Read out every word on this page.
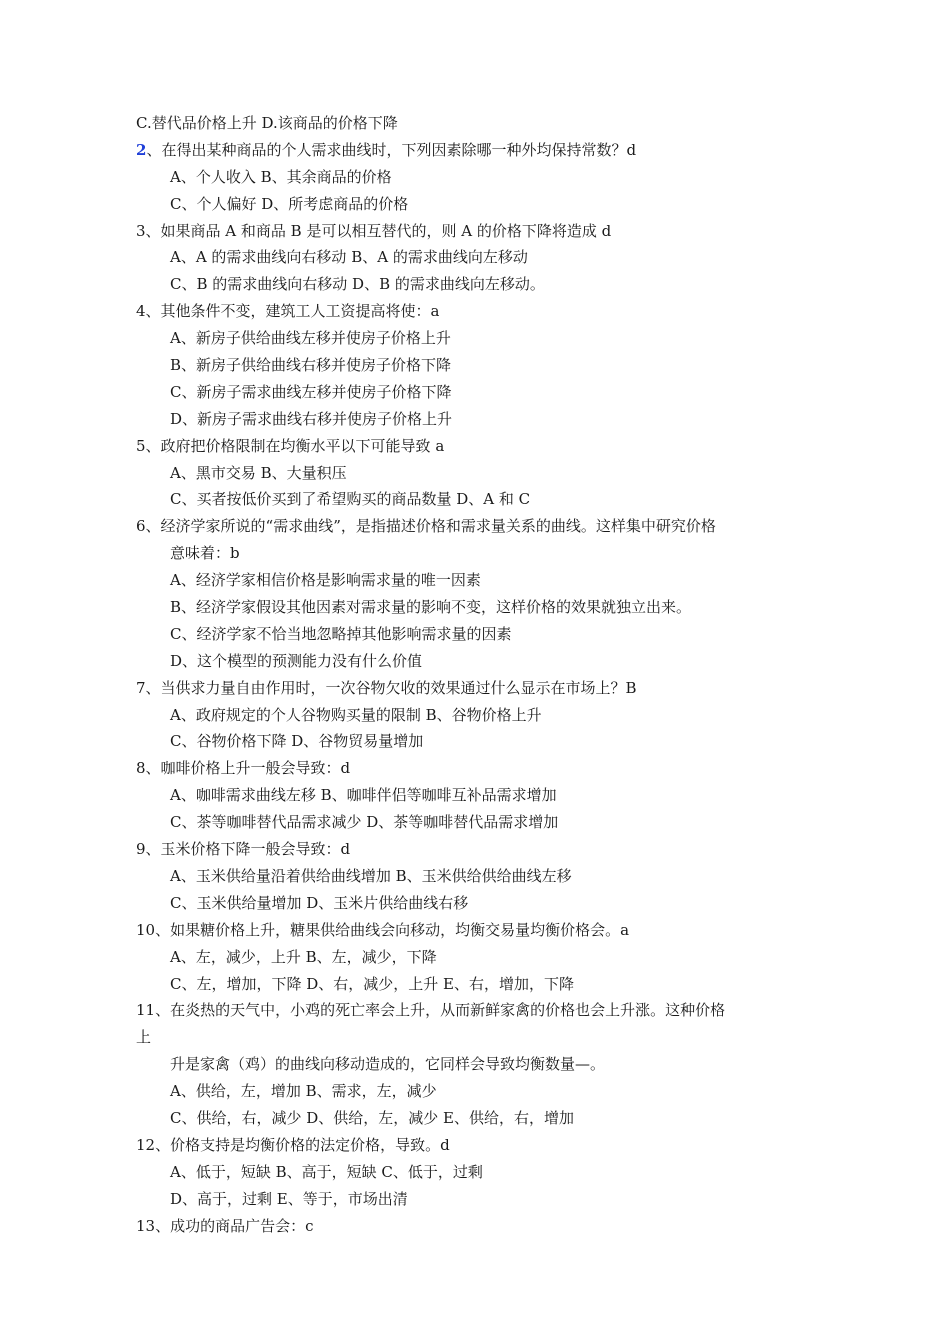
C.替代品价格上升 D.该商品的价格下降
2、在得出某种商品的个人需求曲线时，下列因素除哪一种外均保持常数？d
A、个人收入 B、其余商品的价格
C、个人偏好 D、所考虑商品的价格
3、如果商品 A 和商品 B 是可以相互替代的，则 A 的价格下降将造成 d
A、A 的需求曲线向右移动 B、A 的需求曲线向左移动
C、B 的需求曲线向右移动 D、B 的需求曲线向左移动。
4、其他条件不变，建筑工人工资提高将使：a
A、新房子供给曲线左移并使房子价格上升
B、新房子供给曲线右移并使房子价格下降
C、新房子需求曲线左移并使房子价格下降
D、新房子需求曲线右移并使房子价格上升
5、政府把价格限制在均衡水平以下可能导致 a
A、黑市交易 B、大量积压
C、买者按低价买到了希望购买的商品数量 D、A 和 C
6、经济学家所说的“需求曲线”，是指描述价格和需求量关系的曲线。这样集中研究价格
意味着：b
A、经济学家相信价格是影响需求量的唯一因素
B、经济学家假设其他因素对需求量的影响不变，这样价格的效果就独立出来。
C、经济学家不恰当地忽略掉其他影响需求量的因素
D、这个模型的预测能力没有什么价值
7、当供求力量自由作用时，一次谷物欠收的效果通过什么显示在市场上？B
A、政府规定的个人谷物购买量的限制 B、谷物价格上升
C、谷物价格下降 D、谷物贸易量增加
8、咖啡价格上升一般会导致：d
A、咖啡需求曲线左移 B、咖啡伴侣等咖啡互补品需求增加
C、茶等咖啡替代品需求减少 D、茶等咖啡替代品需求增加
9、玉米价格下降一般会导致：d
A、玉米供给量沿着供给曲线增加 B、玉米供给供给曲线左移
C、玉米供给量增加 D、玉米片供给曲线右移
10、如果糖价格上升，糖果供给曲线会向移动，均衡交易量均衡价格会。a
A、左，减少，上升 B、左，减少，下降
C、左，增加，下降 D、右，减少，上升 E、右，增加，下降
11、在炎热的天气中，小鸡的死亡率会上升，从而新鲜家禽的价格也会上升涨。这种价格
上
升是家禽（鸡）的曲线向移动造成的，它同样会导致均衡数量—。
A、供给，左，增加 B、需求，左，减少
C、供给，右，减少 D、供给，左，减少 E、供给，右，增加
12、价格支持是均衡价格的法定价格，导致。d
A、低于，短缺 B、高于，短缺 C、低于，过剩
D、高于，过剩 E、等于，市场出清
13、成功的商品广告会：c
